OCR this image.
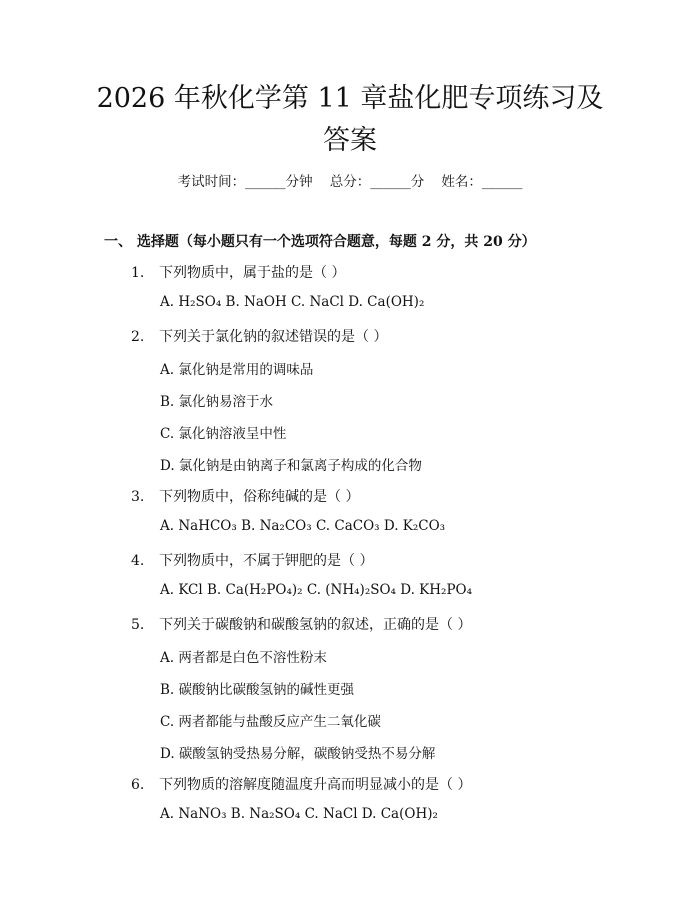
2026 年秋化学第 11 章盐化肥专项练习及答案
考试时间：______分钟    总分：______分    姓名：______
一、 选择题（每小题只有一个选项符合题意，每题 2 分，共 20 分）
1. 下列物质中，属于盐的是（ ）
A. H₂SO₄ B. NaOH C. NaCl D. Ca(OH)₂
2. 下列关于氯化钠的叙述错误的是（ ）
A. 氯化钠是常用的调味品
B. 氯化钠易溶于水
C. 氯化钠溶液呈中性
D. 氯化钠是由钠离子和氯离子构成的化合物
3. 下列物质中，俗称纯碱的是（ ）
A. NaHCO₃ B. Na₂CO₃ C. CaCO₃ D. K₂CO₃
4. 下列物质中，不属于钾肥的是（ ）
A. KCl B. Ca(H₂PO₄)₂ C. (NH₄)₂SO₄ D. KH₂PO₄
5. 下列关于碳酸钠和碳酸氢钠的叙述，正确的是（ ）
A. 两者都是白色不溶性粉末
B. 碳酸钠比碳酸氢钠的碱性更强
C. 两者都能与盐酸反应产生二氧化碳
D. 碳酸氢钠受热易分解，碳酸钠受热不易分解
6. 下列物质的溶解度随温度升高而明显减小的是（ ）
A. NaNO₃ B. Na₂SO₄ C. NaCl D. Ca(OH)₂
